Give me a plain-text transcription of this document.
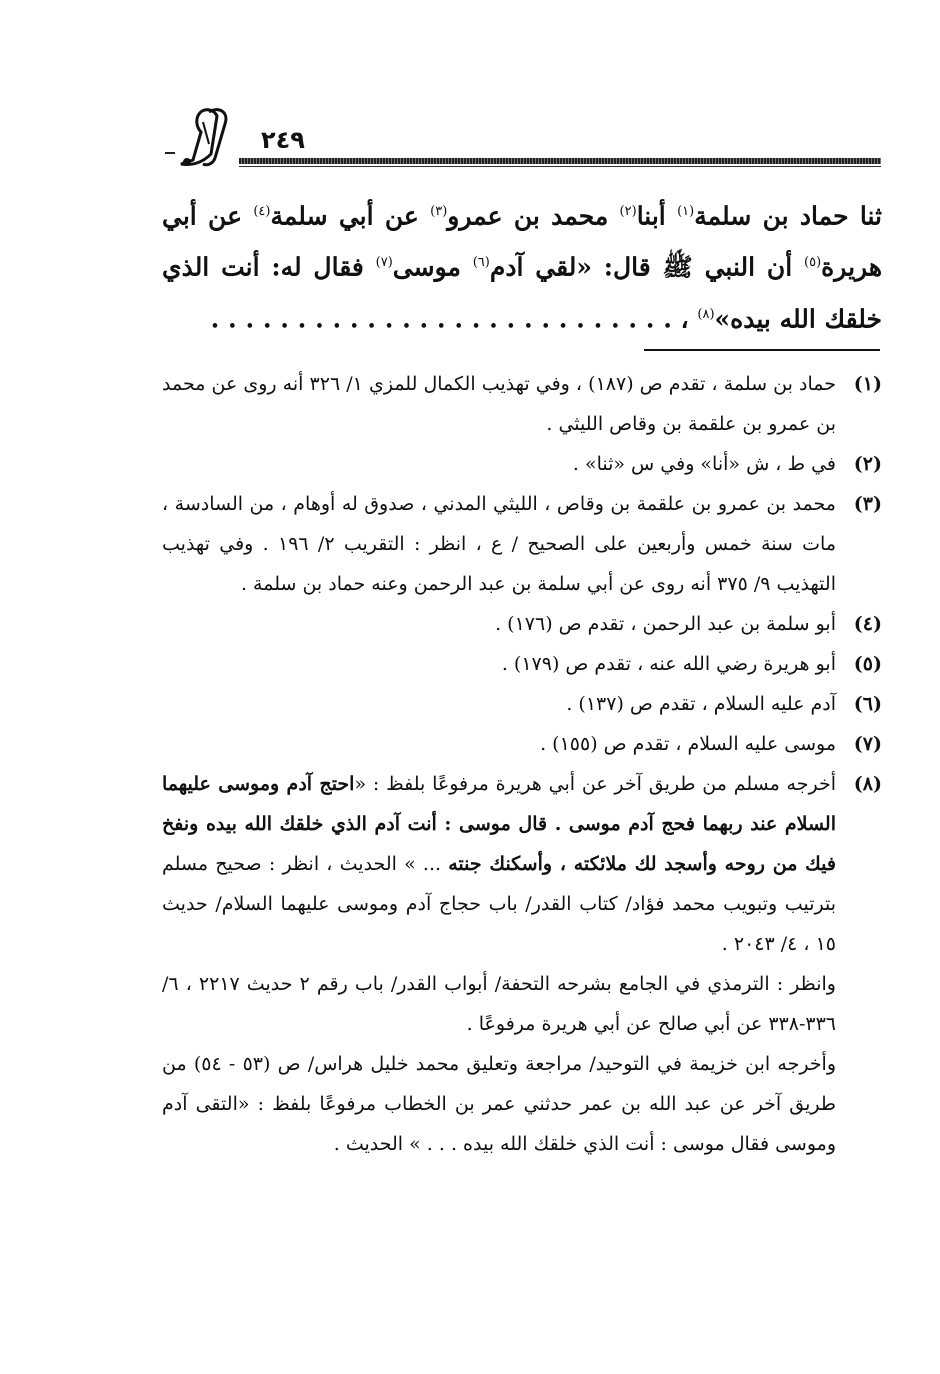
٢٤٩

ثنا حماد بن سلمة$^{(١)}$ أبنا$^{(٢)}$ محمد بن عمرو$^{(٣)}$ عن أبي سلمة$^{(٤)}$ عن أبي هريرة$^{(٥)}$ أن النبي ﷺ قال: «لقي آدم$^{(٦)}$ موسى$^{(٧)}$ فقال له: أنت الذي خلقك الله بيده»$^{(٨)}$ ، . . . . . . . . . . . . . . . . . . . . . . . . . . .

(١)
حماد بن سلمة ، تقدم ص (١٨٧) ، وفي تهذيب الكمال للمزي ١/ ٣٢٦ أنه روى عن محمد بن عمرو بن علقمة بن وقاص الليثي .

(٢)
في ط ، ش «أنا» وفي س «ثنا» .

(٣)
محمد بن عمرو بن علقمة بن وقاص ، الليثي المدني ، صدوق له أوهام ، من السادسة ، مات سنة خمس وأربعين على الصحيح / ع ، انظر : التقريب ٢/ ١٩٦ . وفي تهذيب التهذيب ٩/ ٣٧٥ أنه روى عن أبي سلمة بن عبد الرحمن وعنه حماد بن سلمة .

(٤)
أبو سلمة بن عبد الرحمن ، تقدم ص (١٧٦) .

(٥)
أبو هريرة رضي الله عنه ، تقدم ص (١٧٩) .

(٦)
آدم عليه السلام ، تقدم ص (١٣٧) .

(٧)
موسى عليه السلام ، تقدم ص (١٥٥) .

(٨)
أخرجه مسلم من طريق آخر عن أبي هريرة مرفوعًا بلفظ : «احتج آدم وموسى عليهما السلام عند ربهما فحج آدم موسى . قال موسى : أنت آدم الذي خلقك الله بيده ونفخ فيك من روحه وأسجد لك ملائكته ، وأسكنك جنته ... » الحديث ، انظر : صحيح مسلم بترتيب وتبويب محمد فؤاد/ كتاب القدر/ باب حجاج آدم وموسى عليهما السلام/ حديث ١٥ ، ٤/ ٢٠٤٣ .

وانظر : الترمذي في الجامع بشرحه التحفة/ أبواب القدر/ باب رقم ٢ حديث ٢٢١٧ ، ٦/ ٣٣٦-٣٣٨ عن أبي صالح عن أبي هريرة مرفوعًا .

وأخرجه ابن خزيمة في التوحيد/ مراجعة وتعليق محمد خليل هراس/ ص (٥٣ - ٥٤) من طريق آخر عن عبد الله بن عمر حدثني عمر بن الخطاب مرفوعًا بلفظ : «التقى آدم وموسى فقال موسى : أنت الذي خلقك الله بيده . . . » الحديث .
